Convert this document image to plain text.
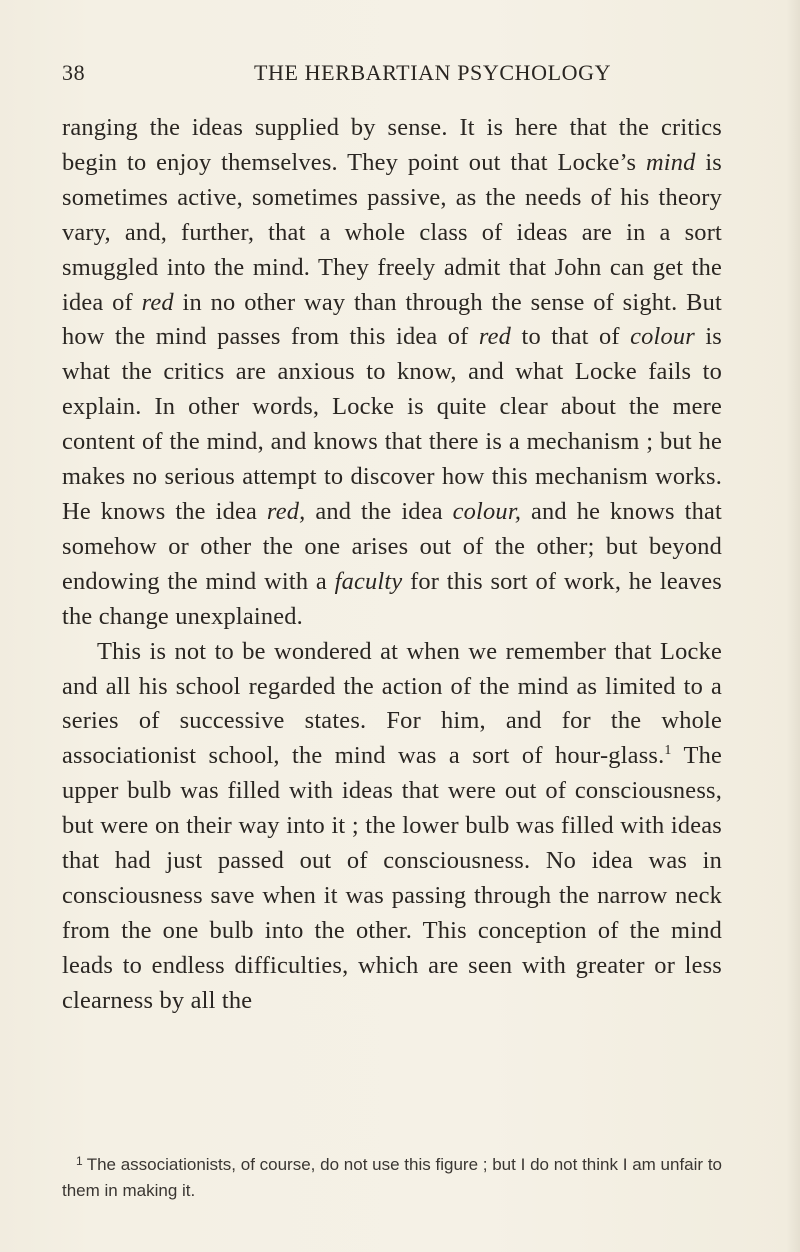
38	THE HERBARTIAN PSYCHOLOGY

ranging the ideas supplied by sense. It is here that the critics begin to enjoy themselves. They point out that Locke’s mind is sometimes active, sometimes passive, as the needs of his theory vary, and, further, that a whole class of ideas are in a sort smuggled into the mind. They freely admit that John can get the idea of red in no other way than through the sense of sight. But how the mind passes from this idea of red to that of colour is what the critics are anxious to know, and what Locke fails to explain. In other words, Locke is quite clear about the mere content of the mind, and knows that there is a mechanism ; but he makes no serious attempt to discover how this mechanism works. He knows the idea red, and the idea colour, and he knows that somehow or other the one arises out of the other; but beyond endowing the mind with a faculty for this sort of work, he leaves the change unexplained.

This is not to be wondered at when we remember that Locke and all his school regarded the action of the mind as limited to a series of successive states. For him, and for the whole associationist school, the mind was a sort of hour-glass.$^1$ The upper bulb was filled with ideas that were out of consciousness, but were on their way into it ; the lower bulb was filled with ideas that had just passed out of consciousness. No idea was in consciousness save when it was passing through the narrow neck from the one bulb into the other. This conception of the mind leads to endless difficulties, which are seen with greater or less clearness by all the

$^1$ The associationists, of course, do not use this figure ; but I do not think I am unfair to them in making it.
